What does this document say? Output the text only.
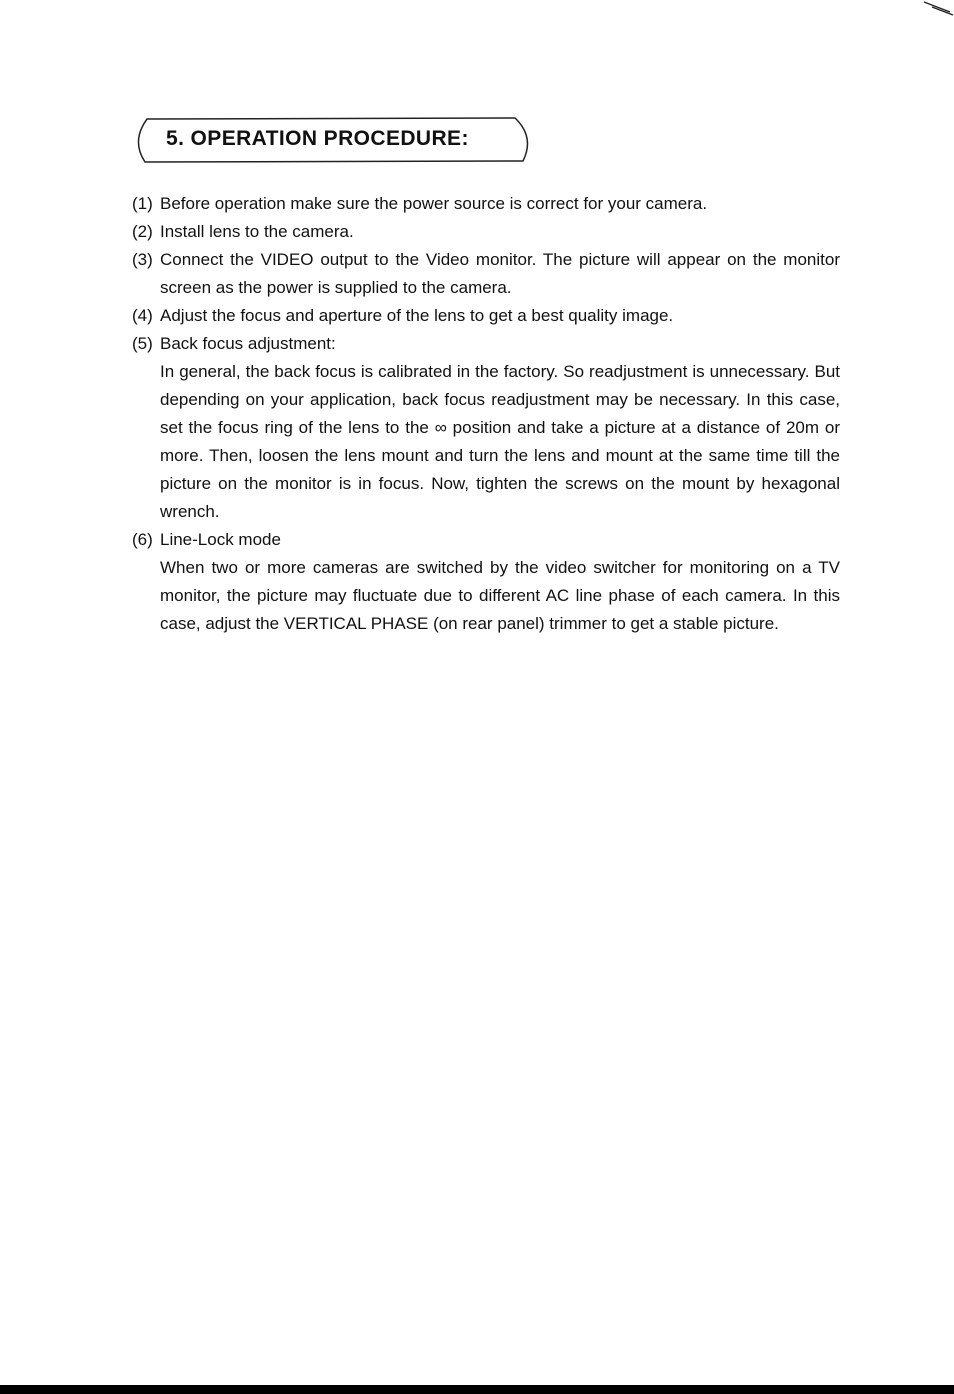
5. OPERATION PROCEDURE:
(1) Before operation make sure the power source is correct for your camera.
(2) Install lens to the camera.
(3) Connect the VIDEO output to the Video monitor. The picture will appear on the monitor screen as the power is supplied to the camera.
(4) Adjust the focus and aperture of the lens to get a best quality image.
(5) Back focus adjustment:
In general, the back focus is calibrated in the factory. So readjustment is unnecessary. But depending on your application, back focus readjustment may be necessary. In this case, set the focus ring of the lens to the ∞ position and take a picture at a distance of 20m or more. Then, loosen the lens mount and turn the lens and mount at the same time till the picture on the monitor is in focus. Now, tighten the screws on the mount by hexagonal wrench.
(6) Line-Lock mode
When two or more cameras are switched by the video switcher for monitoring on a TV monitor, the picture may fluctuate due to different AC line phase of each camera. In this case, adjust the VERTICAL PHASE (on rear panel) trimmer to get a stable picture.
